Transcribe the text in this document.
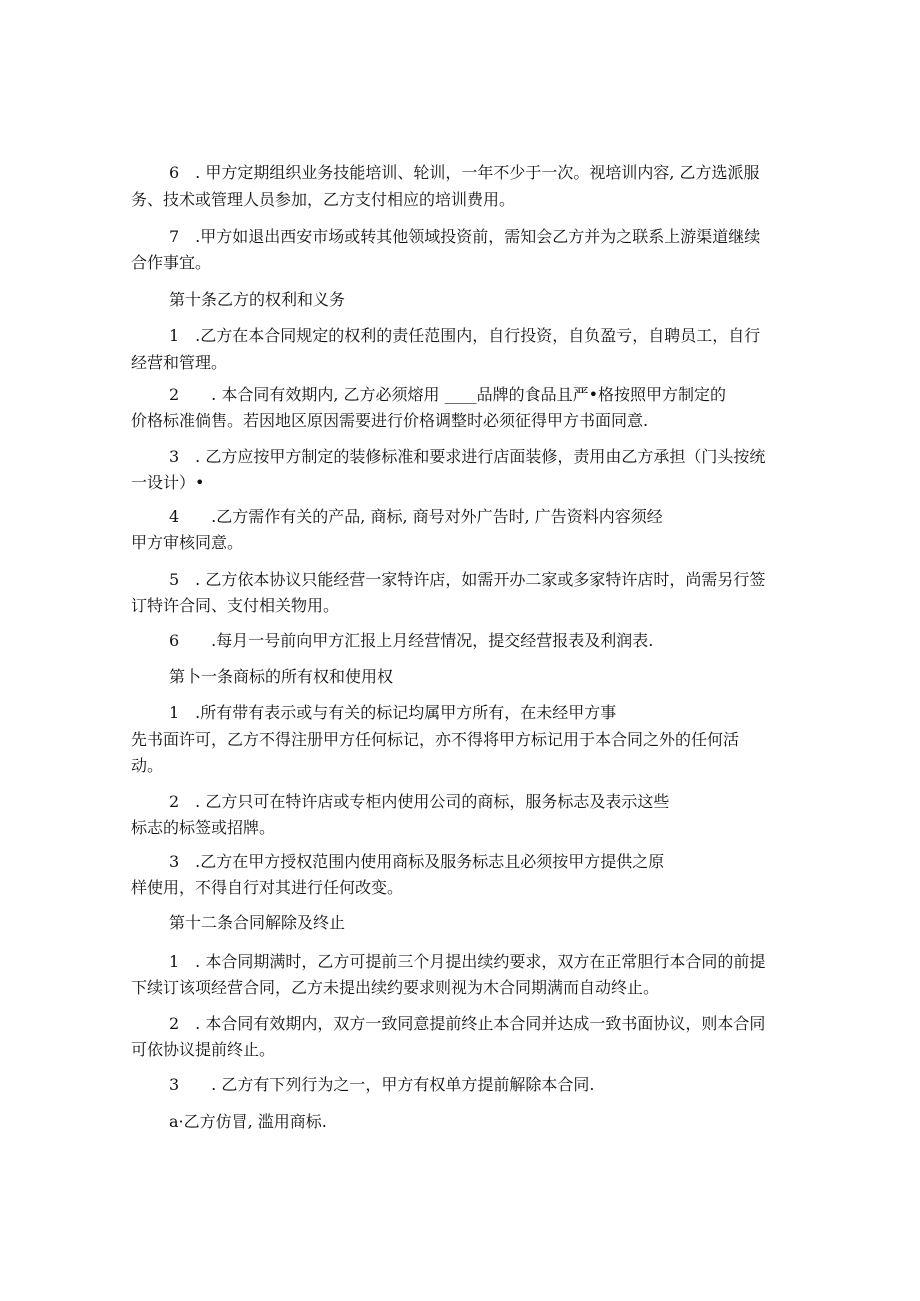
6　. 甲方定期组织业务技能培训、轮训，一年不少于一次。视培训内容, 乙方选派服
务、技术或管理人员参加，乙方支付相应的培训费用。
7　.甲方如退出西安市场或转其他领域投资前，需知会乙方并为之联系上游渠道继续
合作事宜。
第十条乙方的权利和义务
1　.乙方在本合同规定的权利的责任范围内，自行投资，自负盈亏，自聘员工，自行
经营和管理。
2　　. 本合同有效期内, 乙方必须熔用 ____品牌的食品且严•格按照甲方制定的
价格标准倘售。若因地区原因需要进行价格调整时必须征得甲方书面同意.
3　. 乙方应按甲方制定的装修标准和要求进行店面装修，责用由乙方承担（门头按统
一设计）•
4　　.乙方需作有关的产品, 商标, 商号对外广告时, 广告资料内容须经
甲方审核同意。
5　. 乙方依本协议只能经营一家特许店，如需开办二家或多家特许店时，尚需另行签
订特许合同、支付相关物用。
6　　.每月一号前向甲方汇报上月经营情况，提交经营报表及利润表.
第卜一条商标的所有权和使用权
1　.所有带有表示或与有关的标记均属甲方所有，在未经甲方事
先书面许可，乙方不得注册甲方任何标记，亦不得将甲方标记用于本合同之外的任何活
动。
2　. 乙方只可在特许店或专柜内使用公司的商标，服务标志及表示这些
标志的标签或招牌。
3　.乙方在甲方授权范围内使用商标及服务标志且必须按甲方提供之原
样使用，不得自行对其进行任何改变。
第十二条合同解除及终止
1　. 本合同期满时，乙方可提前三个月提出续约要求，双方在正常胆行本合同的前提
下续订该项经营合同，乙方未提出续约要求则视为木合同期满而自动终止。
2　. 本合同有效期内，双方一致同意提前终止本合同并达成一致书面协议，则本合同
可依协议提前终止。
3　　. 乙方有下列行为之一，甲方有权单方提前解除本合同.
a·乙方仿冒, 滥用商标.
